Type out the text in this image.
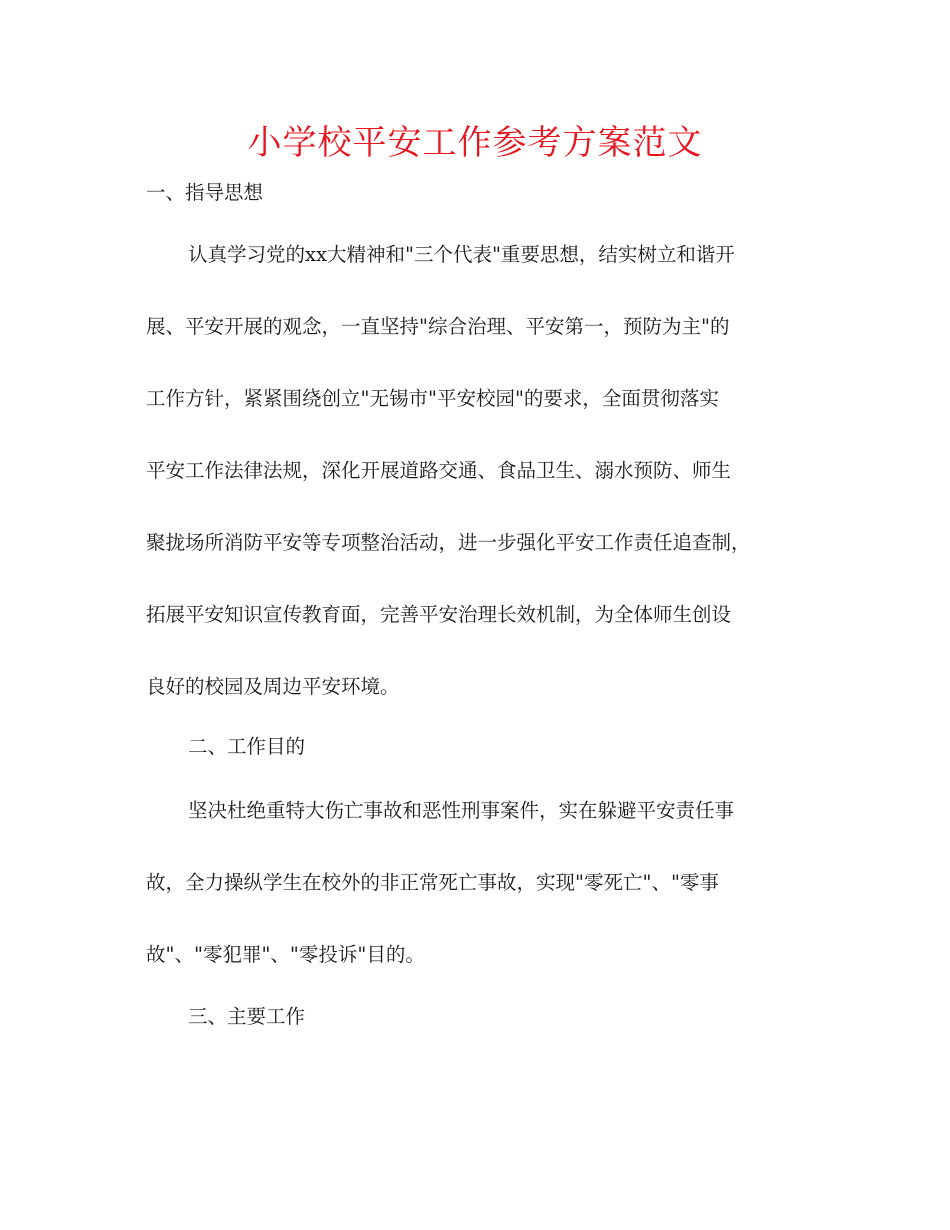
小学校平安工作参考方案范文

一、指导思想

认真学习党的xx大精神和"三个代表"重要思想，结实树立和谐开

展、平安开展的观念，一直坚持"综合治理、平安第一，预防为主"的

工作方针，紧紧围绕创立"无锡市"平安校园"的要求，全面贯彻落实

平安工作法律法规，深化开展道路交通、食品卫生、溺水预防、师生

聚拢场所消防平安等专项整治活动，进一步强化平安工作责任追查制，

拓展平安知识宣传教育面，完善平安治理长效机制，为全体师生创设

良好的校园及周边平安环境。

二、工作目的

坚决杜绝重特大伤亡事故和恶性刑事案件，实在躲避平安责任事

故，全力操纵学生在校外的非正常死亡事故，实现"零死亡"、"零事

故"、"零犯罪"、"零投诉"目的。

三、主要工作
